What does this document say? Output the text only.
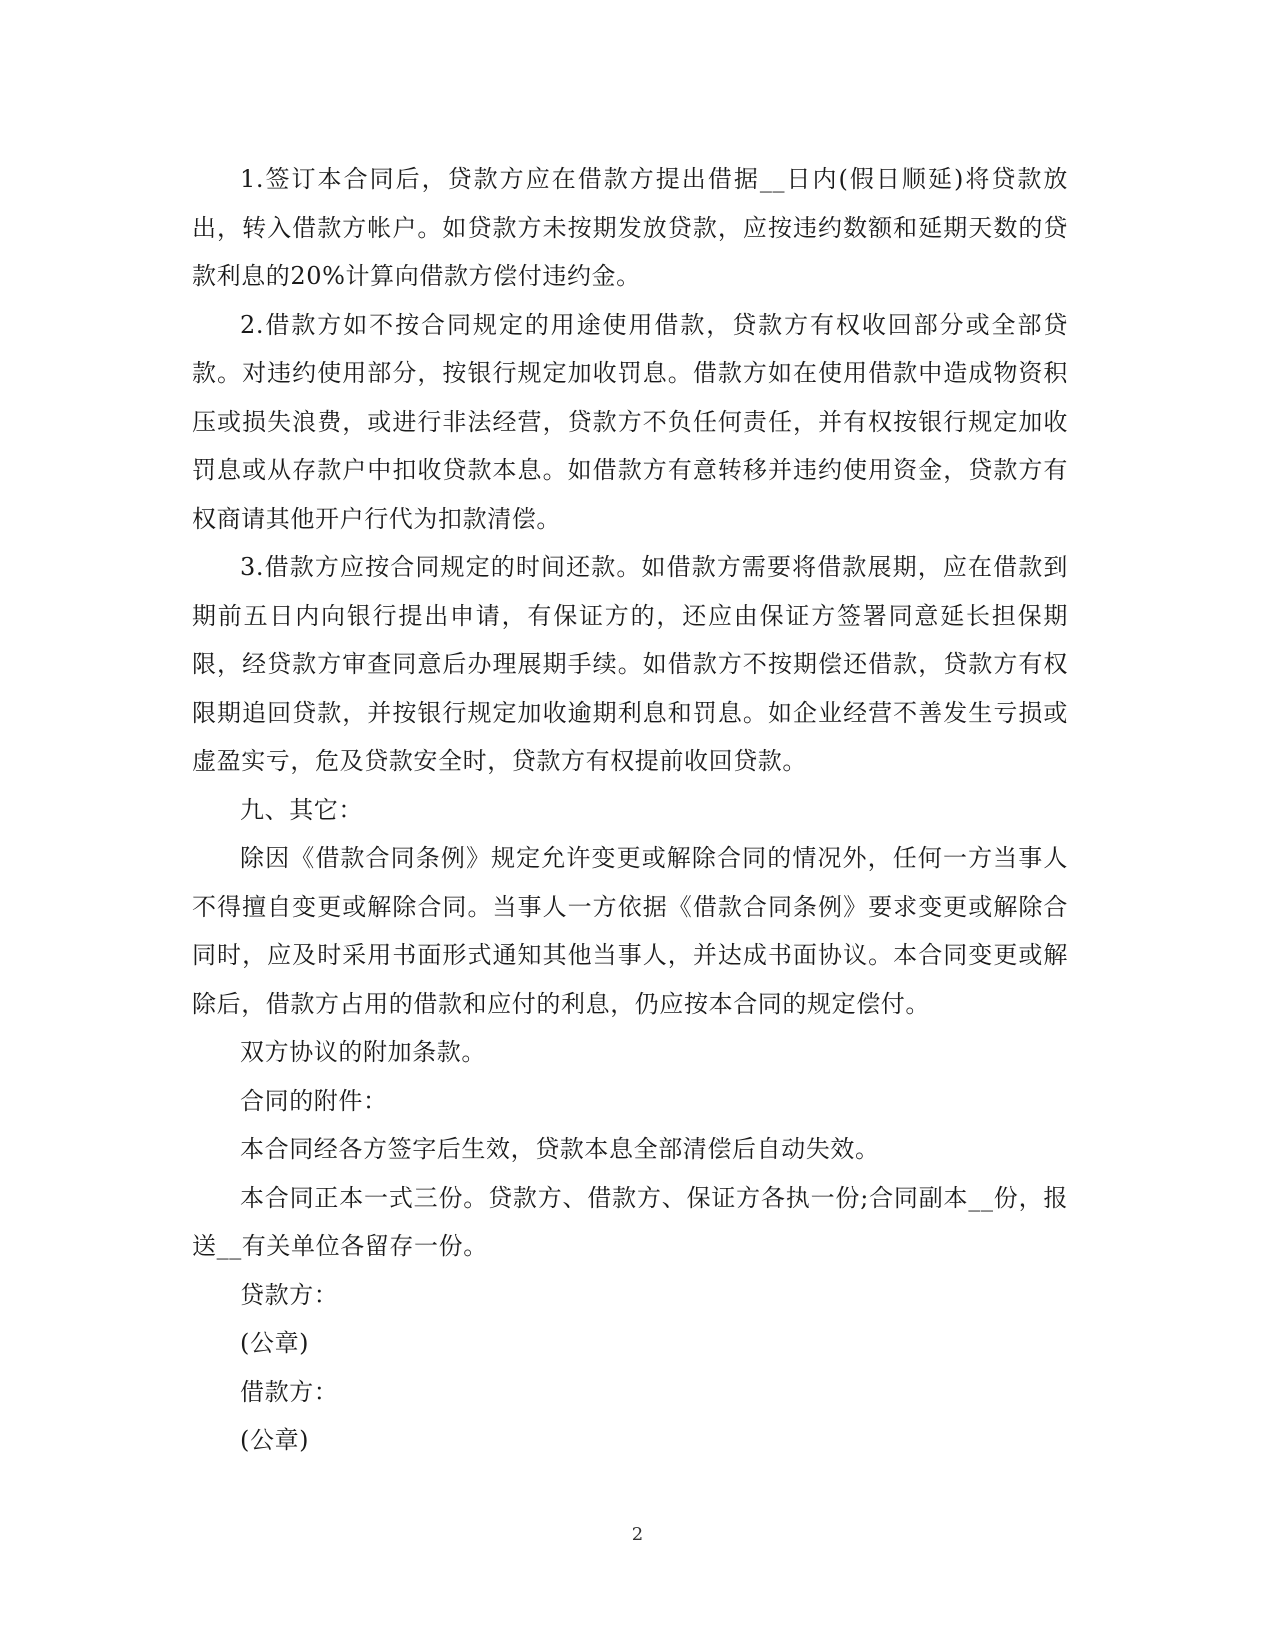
1.签订本合同后，贷款方应在借款方提出借据__日内(假日顺延)将贷款放出，转入借款方帐户。如贷款方未按期发放贷款，应按违约数额和延期天数的贷款利息的20%计算向借款方偿付违约金。

2.借款方如不按合同规定的用途使用借款，贷款方有权收回部分或全部贷款。对违约使用部分，按银行规定加收罚息。借款方如在使用借款中造成物资积压或损失浪费，或进行非法经营，贷款方不负任何责任，并有权按银行规定加收罚息或从存款户中扣收贷款本息。如借款方有意转移并违约使用资金，贷款方有权商请其他开户行代为扣款清偿。

3.借款方应按合同规定的时间还款。如借款方需要将借款展期，应在借款到期前五日内向银行提出申请，有保证方的，还应由保证方签署同意延长担保期限，经贷款方审查同意后办理展期手续。如借款方不按期偿还借款，贷款方有权限期追回贷款，并按银行规定加收逾期利息和罚息。如企业经营不善发生亏损或虚盈实亏，危及贷款安全时，贷款方有权提前收回贷款。

九、其它：

除因《借款合同条例》规定允许变更或解除合同的情况外，任何一方当事人不得擅自变更或解除合同。当事人一方依据《借款合同条例》要求变更或解除合同时，应及时采用书面形式通知其他当事人，并达成书面协议。本合同变更或解除后，借款方占用的借款和应付的利息，仍应按本合同的规定偿付。

双方协议的附加条款。

合同的附件：

本合同经各方签字后生效，贷款本息全部清偿后自动失效。

本合同正本一式三份。贷款方、借款方、保证方各执一份;合同副本__份，报送__有关单位各留存一份。

贷款方：

(公章)

借款方：

(公章)

2
